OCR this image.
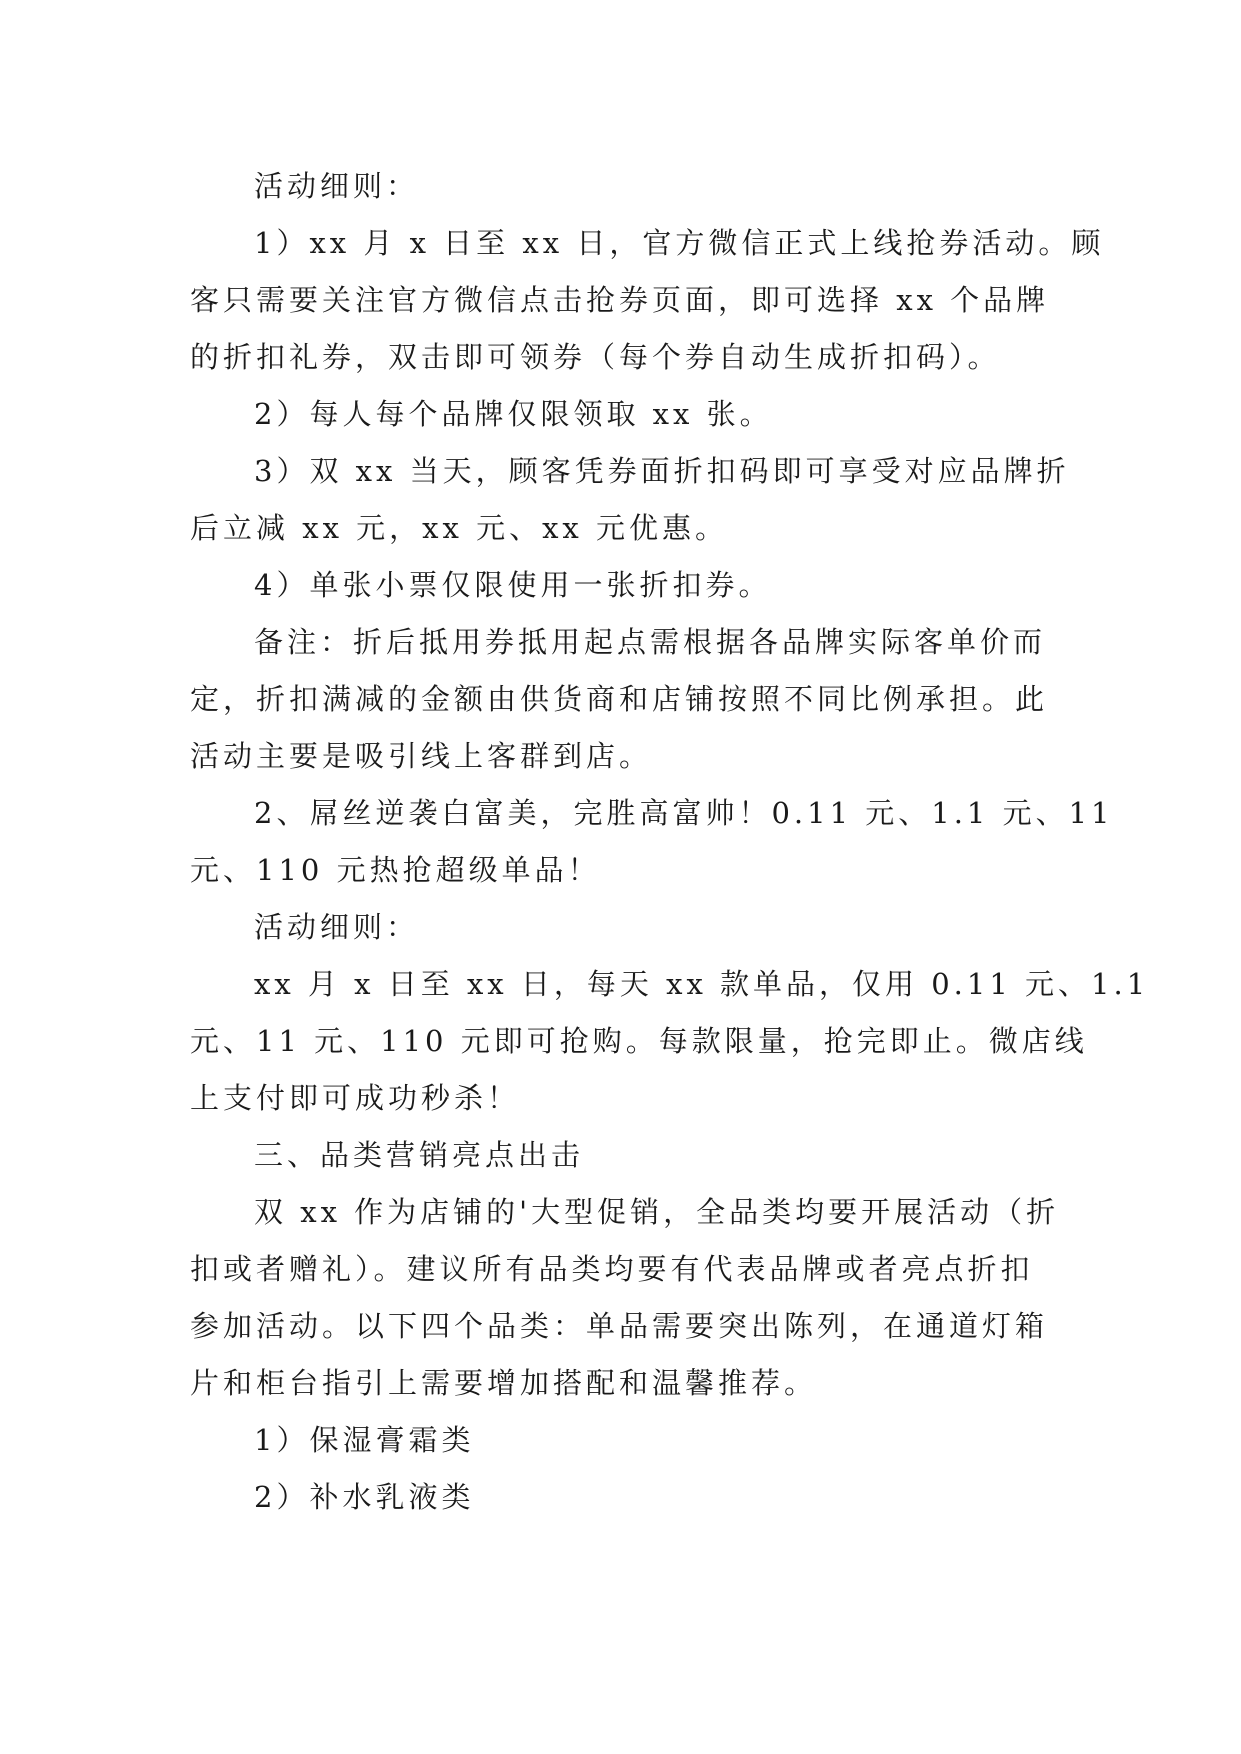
活动细则：

1）xx 月 x 日至 xx 日，官方微信正式上线抢券活动。顾
客只需要关注官方微信点击抢券页面，即可选择 xx 个品牌
的折扣礼券，双击即可领券（每个券自动生成折扣码）。

2）每人每个品牌仅限领取 xx 张。

3）双 xx 当天，顾客凭券面折扣码即可享受对应品牌折
后立减 xx 元，xx 元、xx 元优惠。

4）单张小票仅限使用一张折扣券。

备注：折后抵用券抵用起点需根据各品牌实际客单价而
定，折扣满减的金额由供货商和店铺按照不同比例承担。此
活动主要是吸引线上客群到店。

2、屌丝逆袭白富美，完胜高富帅！0.11 元、1.1 元、11
元、110 元热抢超级单品！

活动细则：

xx 月 x 日至 xx 日，每天 xx 款单品，仅用 0.11 元、1.1
元、11 元、110 元即可抢购。每款限量，抢完即止。微店线
上支付即可成功秒杀！

三、品类营销亮点出击

双 xx 作为店铺的'大型促销，全品类均要开展活动（折
扣或者赠礼）。建议所有品类均要有代表品牌或者亮点折扣
参加活动。以下四个品类：单品需要突出陈列，在通道灯箱
片和柜台指引上需要增加搭配和温馨推荐。

1）保湿膏霜类

2）补水乳液类
